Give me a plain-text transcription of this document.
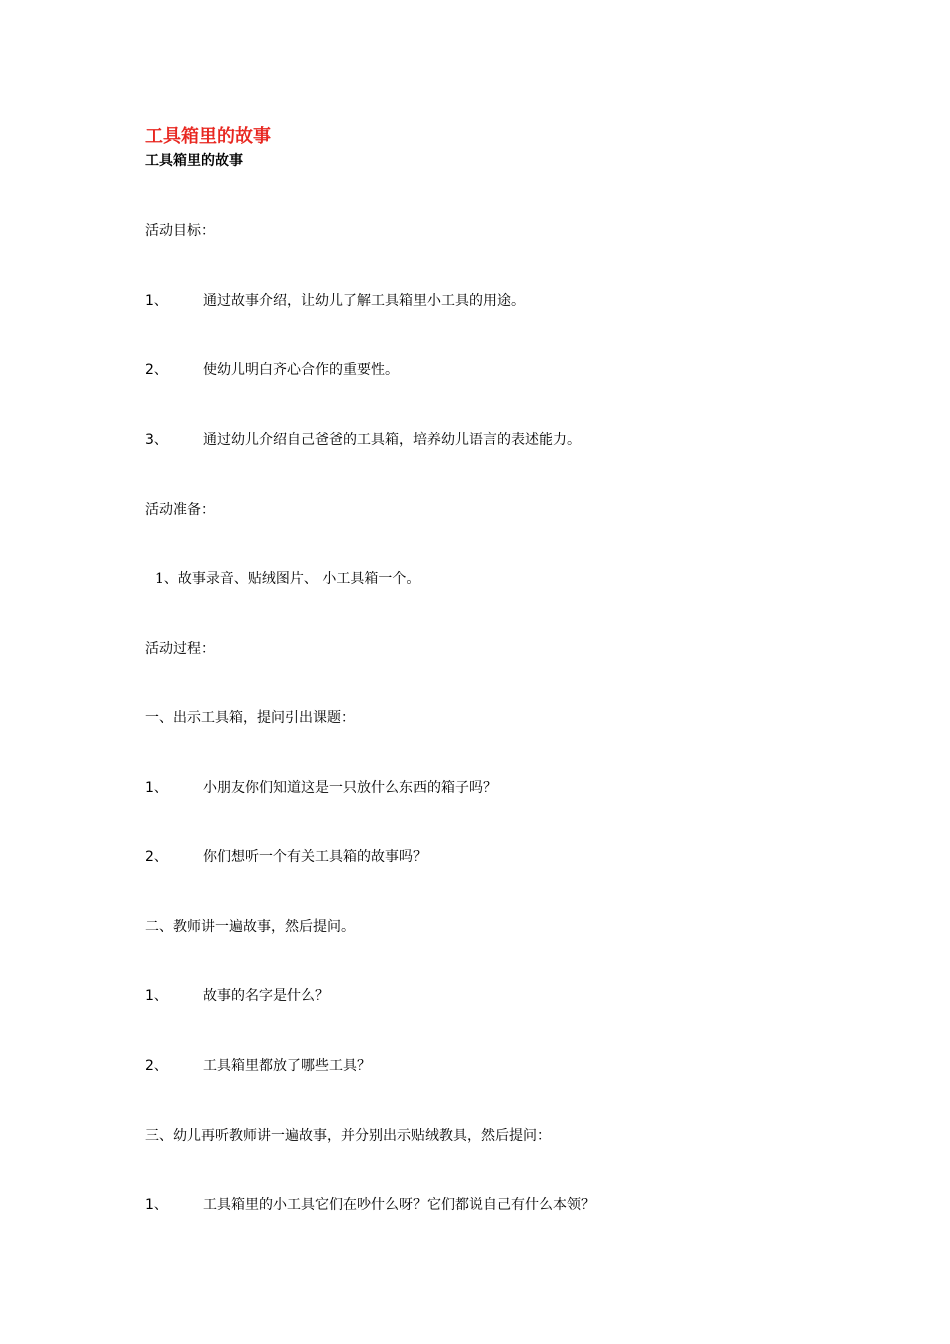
工具箱里的故事
工具箱里的故事
活动目标：
1、	通过故事介绍，让幼儿了解工具箱里小工具的用途。
2、	使幼儿明白齐心合作的重要性。
3、	通过幼儿介绍自己爸爸的工具箱，培养幼儿语言的表述能力。
活动准备：
1、故事录音、贴绒图片、 小工具箱一个。
活动过程：
一、出示工具箱，提问引出课题：
1、	小朋友你们知道这是一只放什么东西的箱子吗？
2、	你们想听一个有关工具箱的故事吗？
二、教师讲一遍故事，然后提问。
1、	故事的名字是什么？
2、	工具箱里都放了哪些工具？
三、幼儿再听教师讲一遍故事，并分别出示贴绒教具，然后提问：
1、	工具箱里的小工具它们在吵什么呀？它们都说自己有什么本领？
